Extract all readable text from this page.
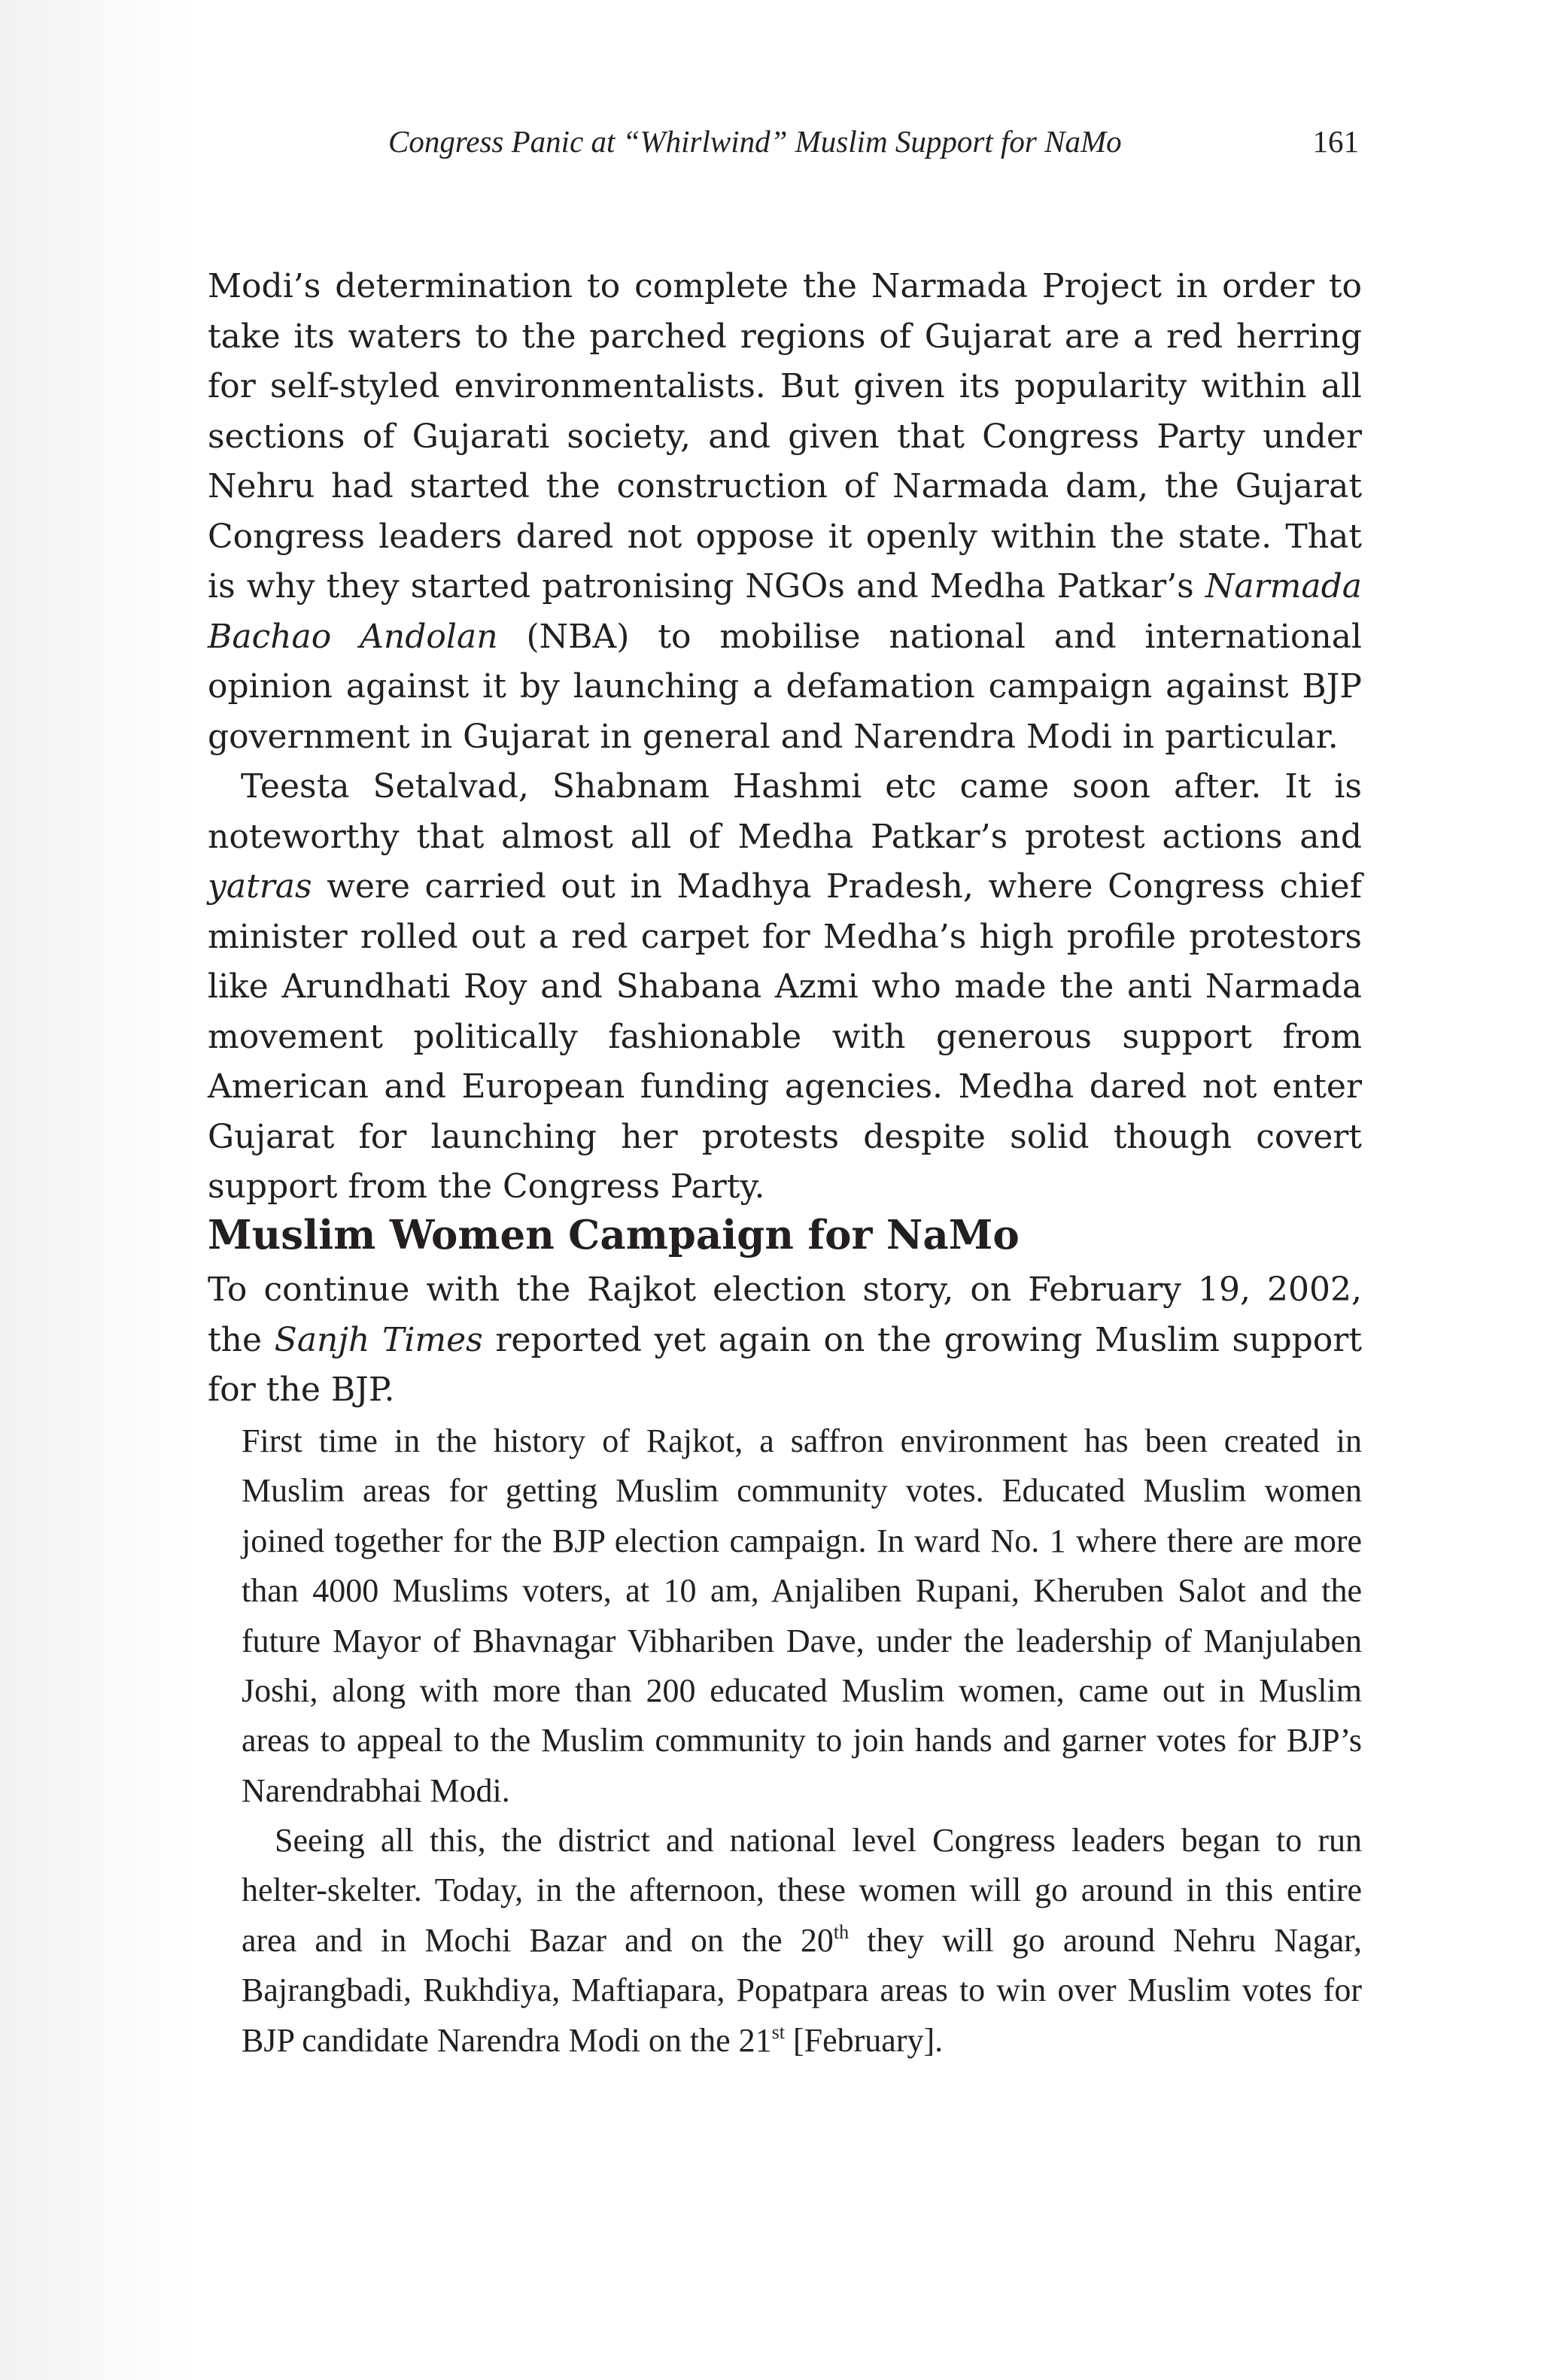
Congress Panic at “Whirlwind” Muslim Support for NaMo	161

Modi’s determination to complete the Narmada Project in order to take its waters to the parched regions of Gujarat are a red herring for self-styled environmentalists. But given its popularity within all sections of Gujarati society, and given that Congress Party under Nehru had started the construction of Narmada dam, the Gujarat Congress leaders dared not oppose it openly within the state. That is why they started patronising NGOs and Medha Patkar’s Narmada Bachao Andolan (NBA) to mobilise national and international opinion against it by launching a defamation campaign against BJP government in Gujarat in general and Narendra Modi in particular.

Teesta Setalvad, Shabnam Hashmi etc came soon after. It is noteworthy that almost all of Medha Patkar’s protest actions and yatras were carried out in Madhya Pradesh, where Congress chief minister rolled out a red carpet for Medha’s high profile protestors like Arundhati Roy and Shabana Azmi who made the anti Narmada movement politically fashionable with generous support from American and European funding agencies. Medha dared not enter Gujarat for launching her protests despite solid though covert support from the Congress Party.

Muslim Women Campaign for NaMo

To continue with the Rajkot election story, on February 19, 2002, the Sanjh Times reported yet again on the growing Muslim support for the BJP.

First time in the history of Rajkot, a saffron environment has been created in Muslim areas for getting Muslim community votes. Educated Muslim women joined together for the BJP election campaign. In ward No. 1 where there are more than 4000 Muslims voters, at 10 am, Anjaliben Rupani, Kheruben Salot and the future Mayor of Bhavnagar Vibhariben Dave, under the leadership of Manjulaben Joshi, along with more than 200 educated Muslim women, came out in Muslim areas to appeal to the Muslim community to join hands and garner votes for BJP’s Narendrabhai Modi.

Seeing all this, the district and national level Congress leaders began to run helter-skelter. Today, in the afternoon, these women will go around in this entire area and in Mochi Bazar and on the 20th they will go around Nehru Nagar, Bajrangbadi, Rukhdiya, Maftiapara, Popatpara areas to win over Muslim votes for BJP candidate Narendra Modi on the 21st [February].
